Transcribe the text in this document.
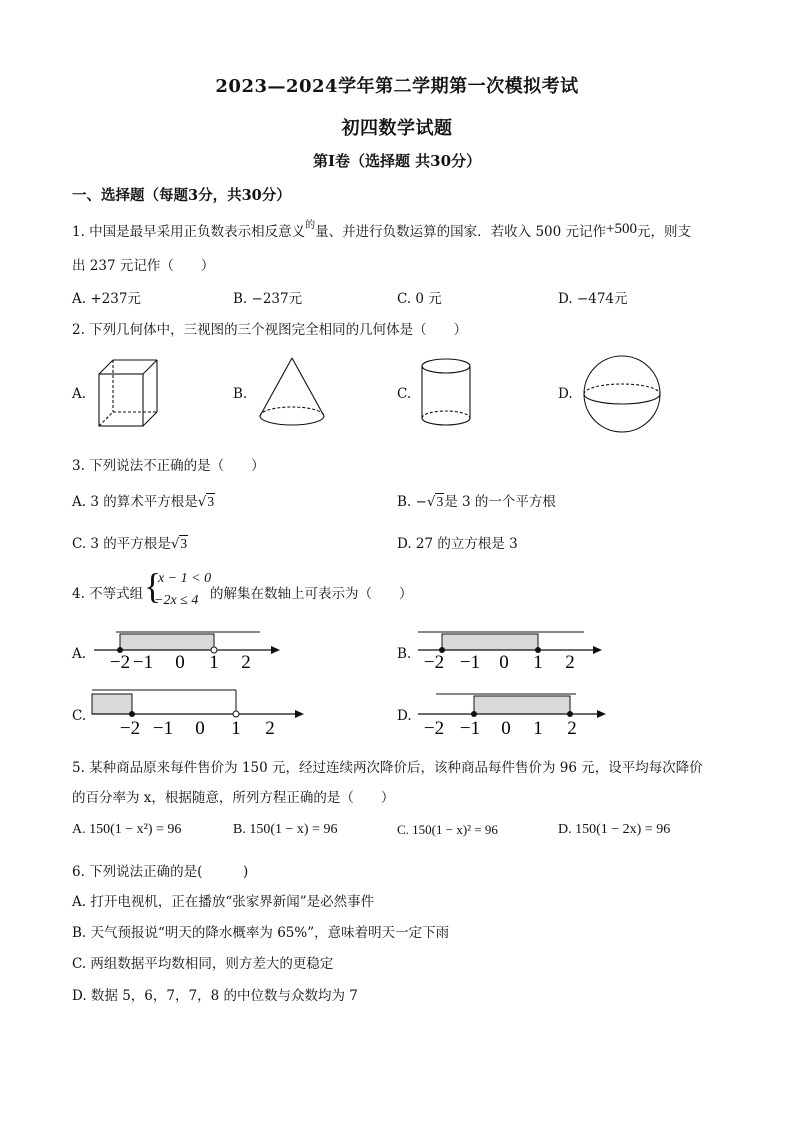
2023—2024学年第二学期第一次模拟考试
初四数学试题
第Ⅰ卷（选择题 共30分）
一、选择题（每题3分，共30分）
1. 中国是最早采用正负数表示相反意义$^的$量、并进行负数运算的国家．若收入 500 元记作+500元，则支
出 237 元记作（　　）
A. +237元	B. −237元	C. 0 元	D. −474元
2. 下列几何体中，三视图的三个视图完全相同的几何体是（　　）
A.	B.	C.	D.
3. 下列说法不正确的是（　　）
A. 3 的算术平方根是√3	B. −√3是 3 的一个平方根
C. 3 的平方根是√3	D. 27 的立方根是 3
4. 不等式组 {
x − 1 < 0
−2x ≤ 4 的解集在数轴上可表示为（　　）
A.	B.
C.	D.
−2 −1 0 1 2	−2 −1 0 1 2
−2 −1 0 1 2	−2 −1 0 1 2
5. 某种商品原来每件售价为 150 元，经过连续两次降价后，该种商品每件售价为 96 元，设平均每次降价
的百分率为 x，根据随意，所列方程正确的是（　　）
A. 150(1 − x²) = 96	B. 150(1 − x) = 96	C. 150(1 − x)² = 96	D. 150(1 − 2x) = 96
6. 下列说法正确的是(　　　)
A. 打开电视机，正在播放“张家界新闻”是必然事件
B. 天气预报说“明天的降水概率为 65%”，意味着明天一定下雨
C. 两组数据平均数相同，则方差大的更稳定
D. 数据 5，6，7，7，8 的中位数与众数均为 7
